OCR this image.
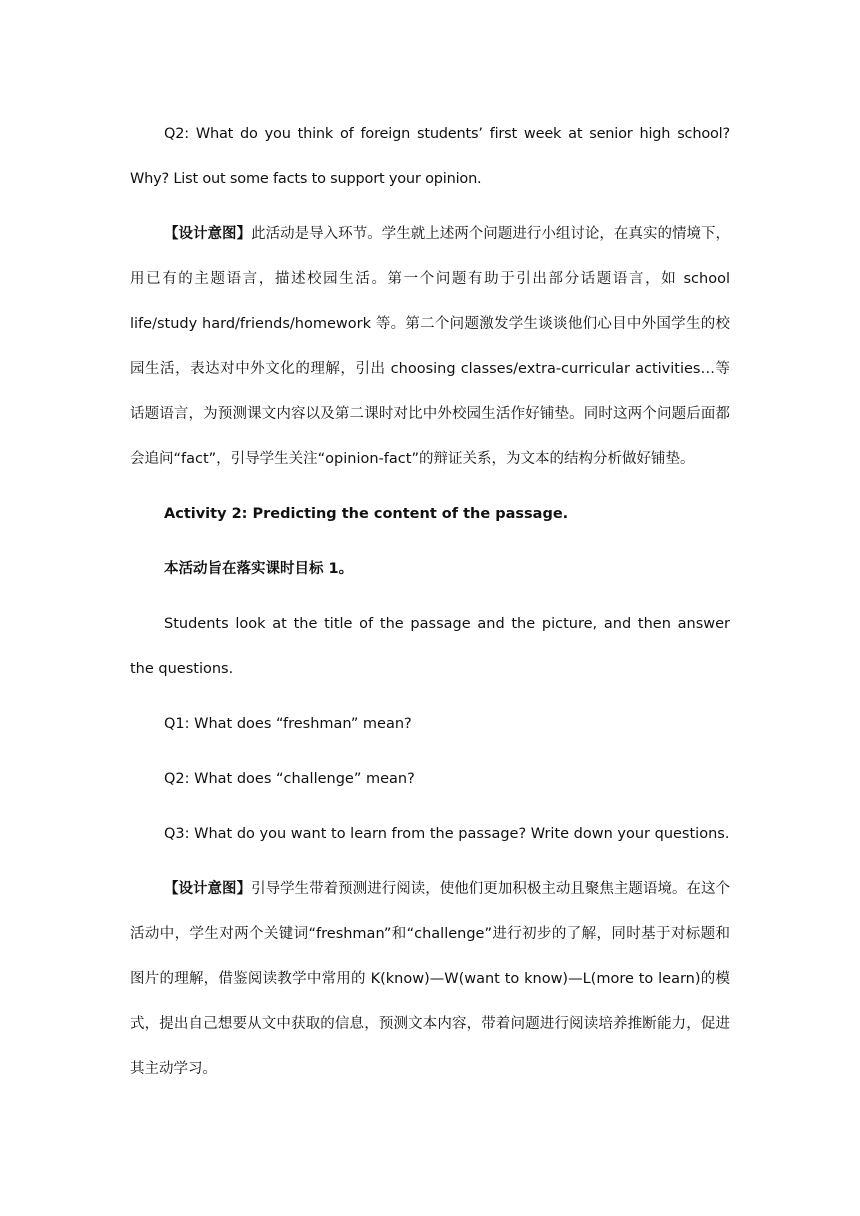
Q2: What do you think of foreign students’ first week at senior high school? Why? List out some facts to support your opinion.

【设计意图】此活动是导入环节。学生就上述两个问题进行小组讨论，在真实的情境下，用已有的主题语言，描述校园生活。第一个问题有助于引出部分话题语言，如 school life/study hard/friends/homework 等。第二个问题激发学生谈谈他们心目中外国学生的校园生活，表达对中外文化的理解，引出 choosing classes/extra-curricular activities…等话题语言，为预测课文内容以及第二课时对比中外校园生活作好铺垫。同时这两个问题后面都会追问“fact”，引导学生关注“opinion-fact”的辩证关系，为文本的结构分析做好铺垫。

Activity 2: Predicting the content of the passage.

本活动旨在落实课时目标 1。

Students look at the title of the passage and the picture, and then answer the questions.

Q1: What does “freshman” mean?

Q2: What does “challenge” mean?

Q3: What do you want to learn from the passage? Write down your questions.

【设计意图】引导学生带着预测进行阅读，使他们更加积极主动且聚焦主题语境。在这个活动中，学生对两个关键词“freshman”和“challenge”进行初步的了解，同时基于对标题和图片的理解，借鉴阅读教学中常用的 K(know)—W(want to know)—L(more to learn)的模式，提出自己想要从文中获取的信息，预测文本内容，带着问题进行阅读培养推断能力，促进其主动学习。
